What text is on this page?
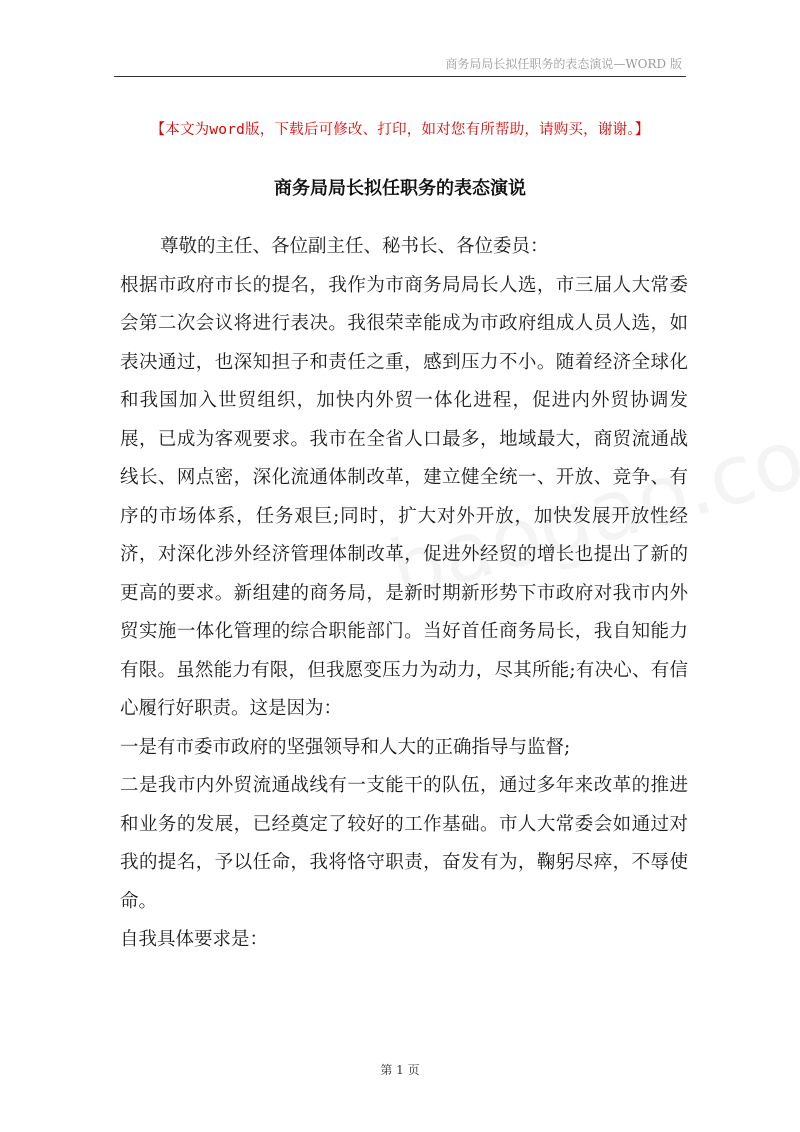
商务局局长拟任职务的表态演说—WORD 版
【本文为word版，下载后可修改、打印，如对您有所帮助，请购买，谢谢。】
商务局局长拟任职务的表态演说

尊敬的主任、各位副主任、秘书长、各位委员：

根据市政府市长的提名，我作为市商务局局长人选，市三届人大常委会第二次会议将进行表决。我很荣幸能成为市政府组成人员人选，如表决通过，也深知担子和责任之重，感到压力不小。随着经济全球化和我国加入世贸组织，加快内外贸一体化进程，促进内外贸协调发展，已成为客观要求。我市在全省人口最多，地域最大，商贸流通战线长、网点密，深化流通体制改革，建立健全统一、开放、竞争、有序的市场体系，任务艰巨;同时，扩大对外开放，加快发展开放性经济，对深化涉外经济管理体制改革，促进外经贸的增长也提出了新的更高的要求。新组建的商务局，是新时期新形势下市政府对我市内外贸实施一体化管理的综合职能部门。当好首任商务局长，我自知能力有限。虽然能力有限，但我愿变压力为动力，尽其所能;有决心、有信心履行好职责。这是因为：

一是有市委市政府的坚强领导和人大的正确指导与监督;

二是我市内外贸流通战线有一支能干的队伍，通过多年来改革的推进和业务的发展，已经奠定了较好的工作基础。市人大常委会如通过对我的提名，予以任命，我将恪守职责，奋发有为，鞠躬尽瘁，不辱使命。

自我具体要求是：

第 1 页
